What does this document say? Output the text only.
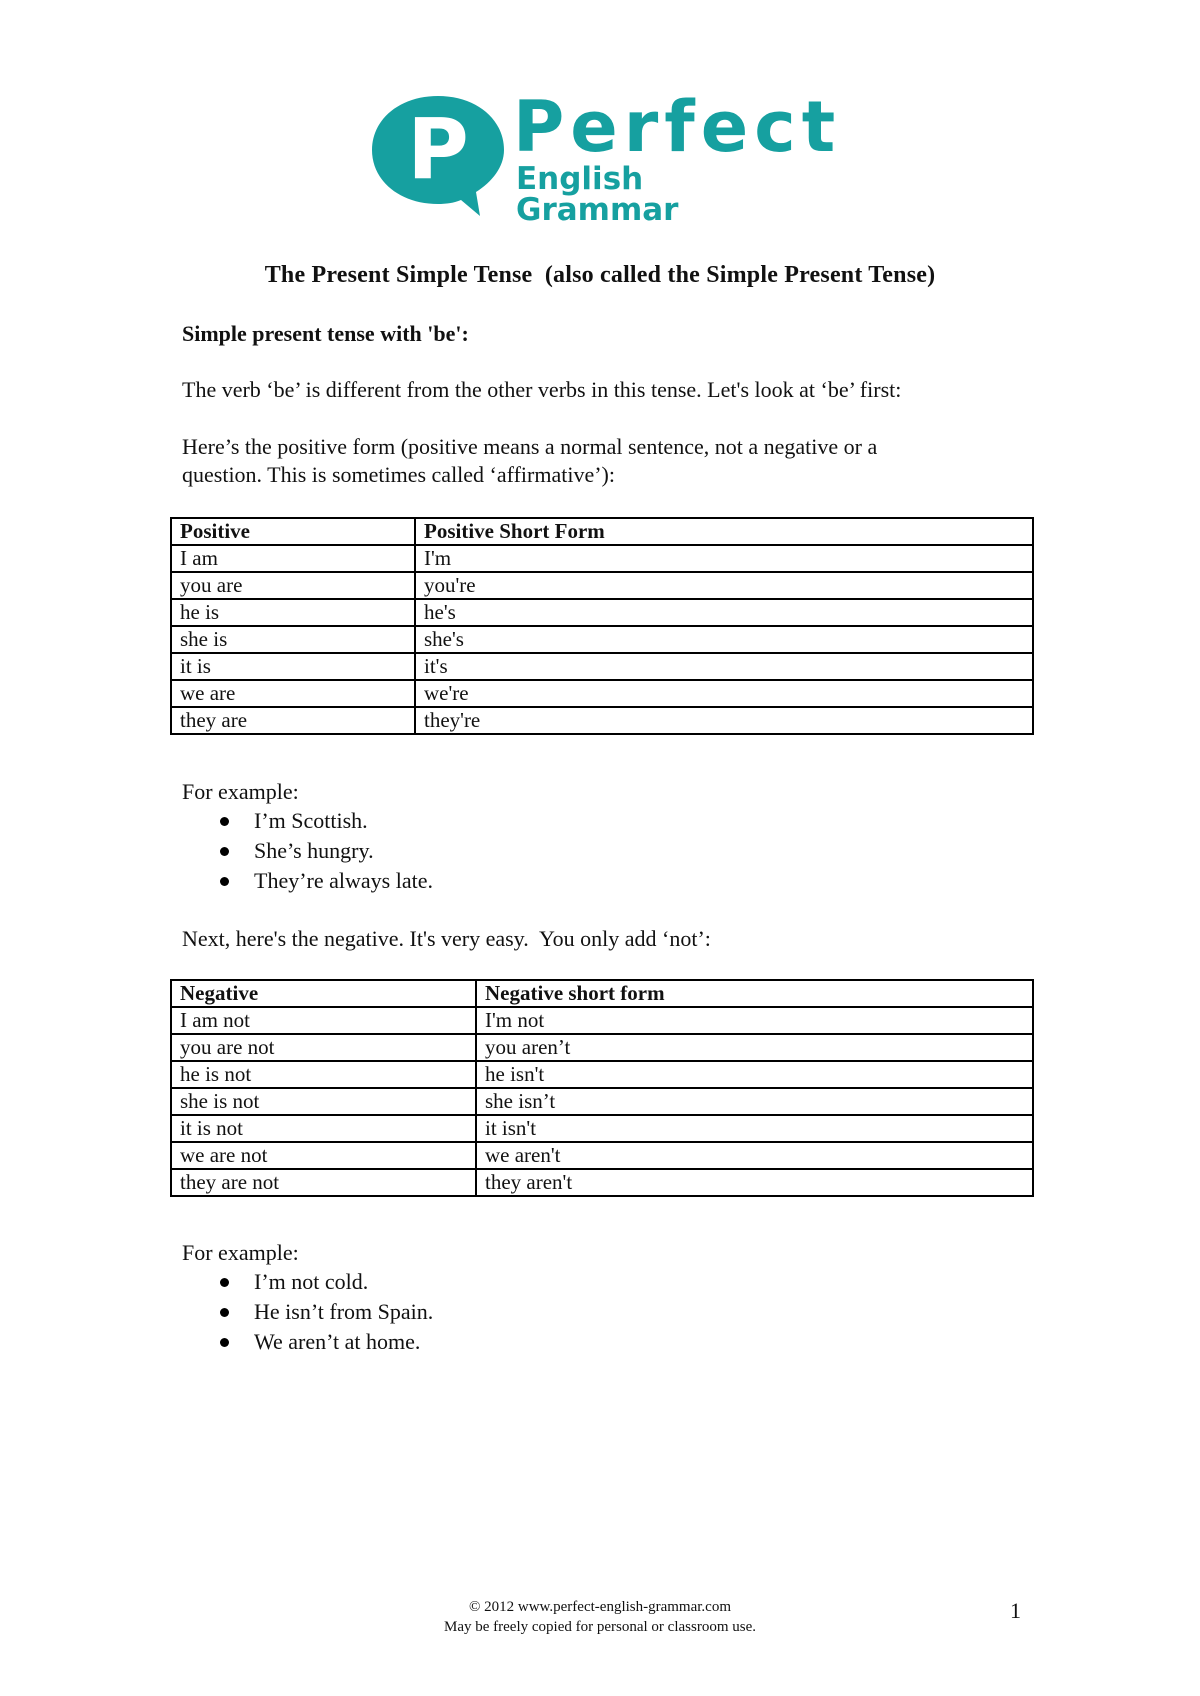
P Perfect
English Grammar
The Present Simple Tense  (also called the Simple Present Tense)
Simple present tense with 'be':
The verb ‘be’ is different from the other verbs in this tense. Let's look at ‘be’ first:
Here’s the positive form (positive means a normal sentence, not a negative or a
question. This is sometimes called ‘affirmative’):
Positive	Positive Short Form
I am	I'm
you are	you're
he is	he's
she is	she's
it is	it's
we are	we're
they are	they're
For example:
I’m Scottish.
She’s hungry.
They’re always late.
Next, here's the negative. It's very easy.  You only add ‘not’:
Negative	Negative short form
I am not	I'm not
you are not	you aren’t
he is not	he isn't
she is not	she isn’t
it is not	it isn't
we are not	we aren't
they are not	they aren't
For example:
I’m not cold.
He isn’t from Spain.
We aren’t at home.
© 2012 www.perfect-english-grammar.com
May be freely copied for personal or classroom use.
1
